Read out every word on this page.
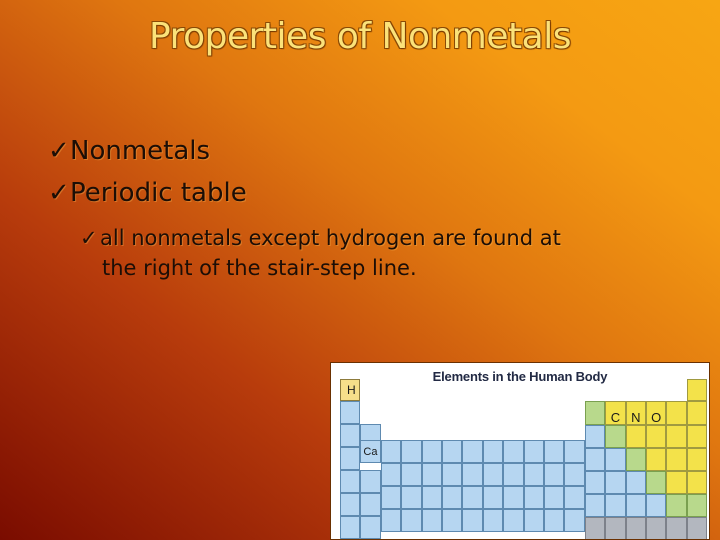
Properties of Nonmetals
✓ Nonmetals
✓ Periodic table
✓ all nonmetals except hydrogen are found at
the right of the stair-step line.
Elements in the Human Body
H
Ca
C N O
